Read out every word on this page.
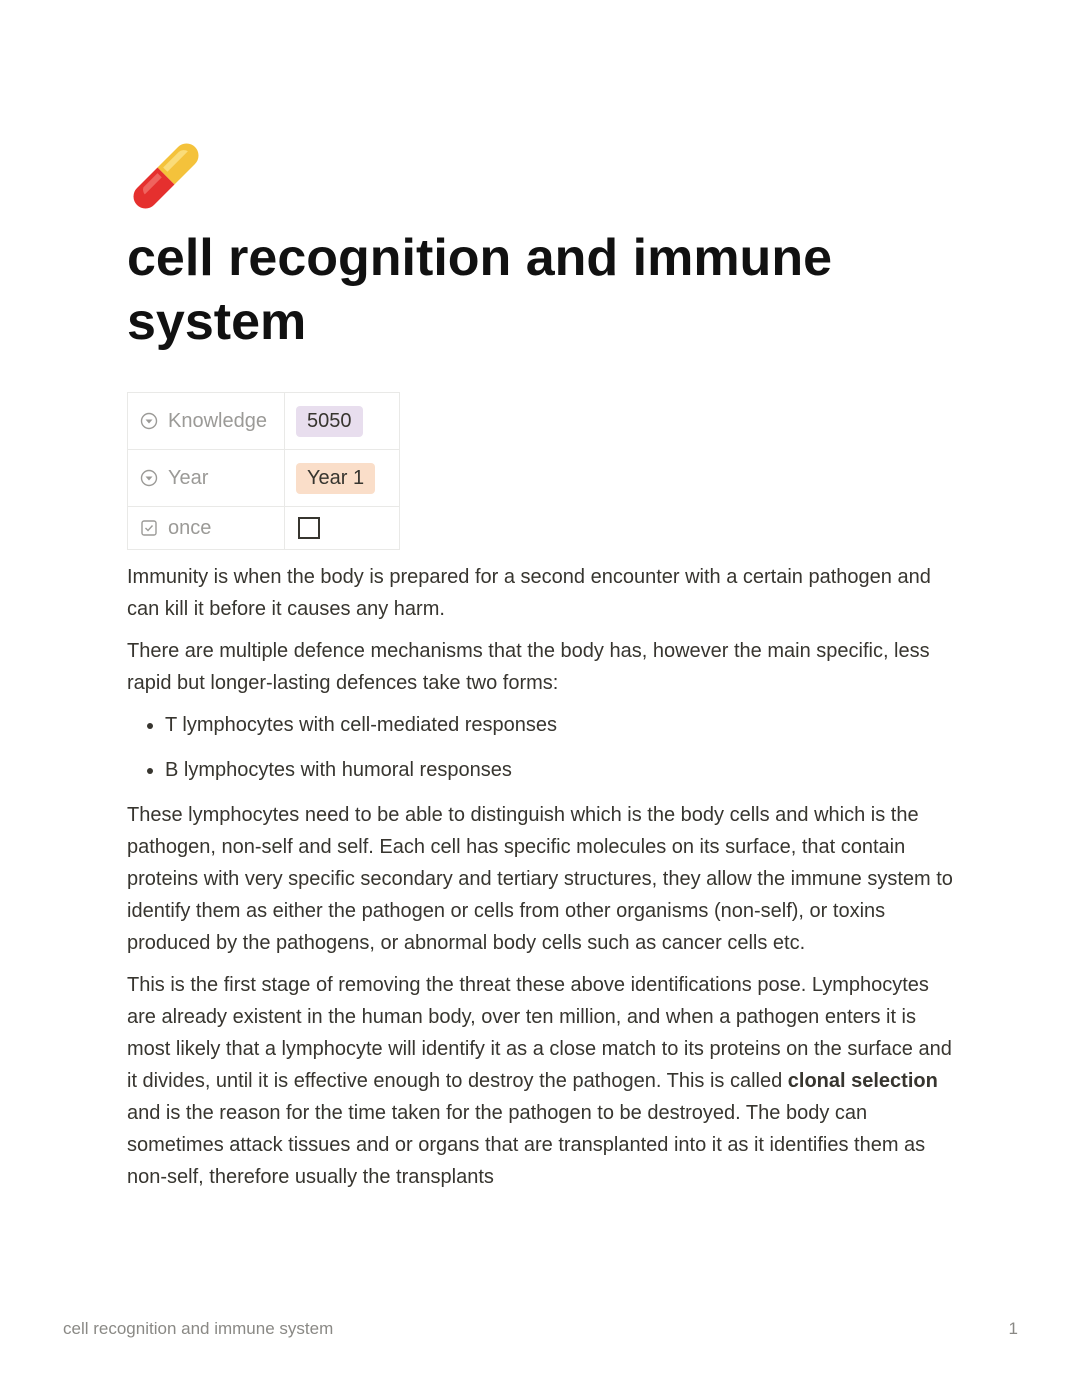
cell recognition and immune system
Knowledge	5050

Year	Year 1

once	

Immunity is when the body is prepared for a second encounter with a certain pathogen and can kill it before it causes any harm.

There are multiple defence mechanisms that the body has, however the main specific, less rapid but longer-lasting defences take two forms:

• T lymphocytes with cell-mediated responses
• B lymphocytes with humoral responses

These lymphocytes need to be able to distinguish which is the body cells and which is the pathogen, non-self and self. Each cell has specific molecules on its surface, that contain proteins with very specific secondary and tertiary structures, they allow the immune system to identify them as either the pathogen or cells from other organisms (non-self), or toxins produced by the pathogens, or abnormal body cells such as cancer cells etc.

This is the first stage of removing the threat these above identifications pose. Lymphocytes are already existent in the human body, over ten million, and when a pathogen enters it is most likely that a lymphocyte will identify it as a close match to its proteins on the surface and it divides, until it is effective enough to destroy the pathogen. This is called clonal selection and is the reason for the time taken for the pathogen to be destroyed. The body can sometimes attack tissues and or organs that are transplanted into it as it identifies them as non-self, therefore usually the transplants

cell recognition and immune system	1
